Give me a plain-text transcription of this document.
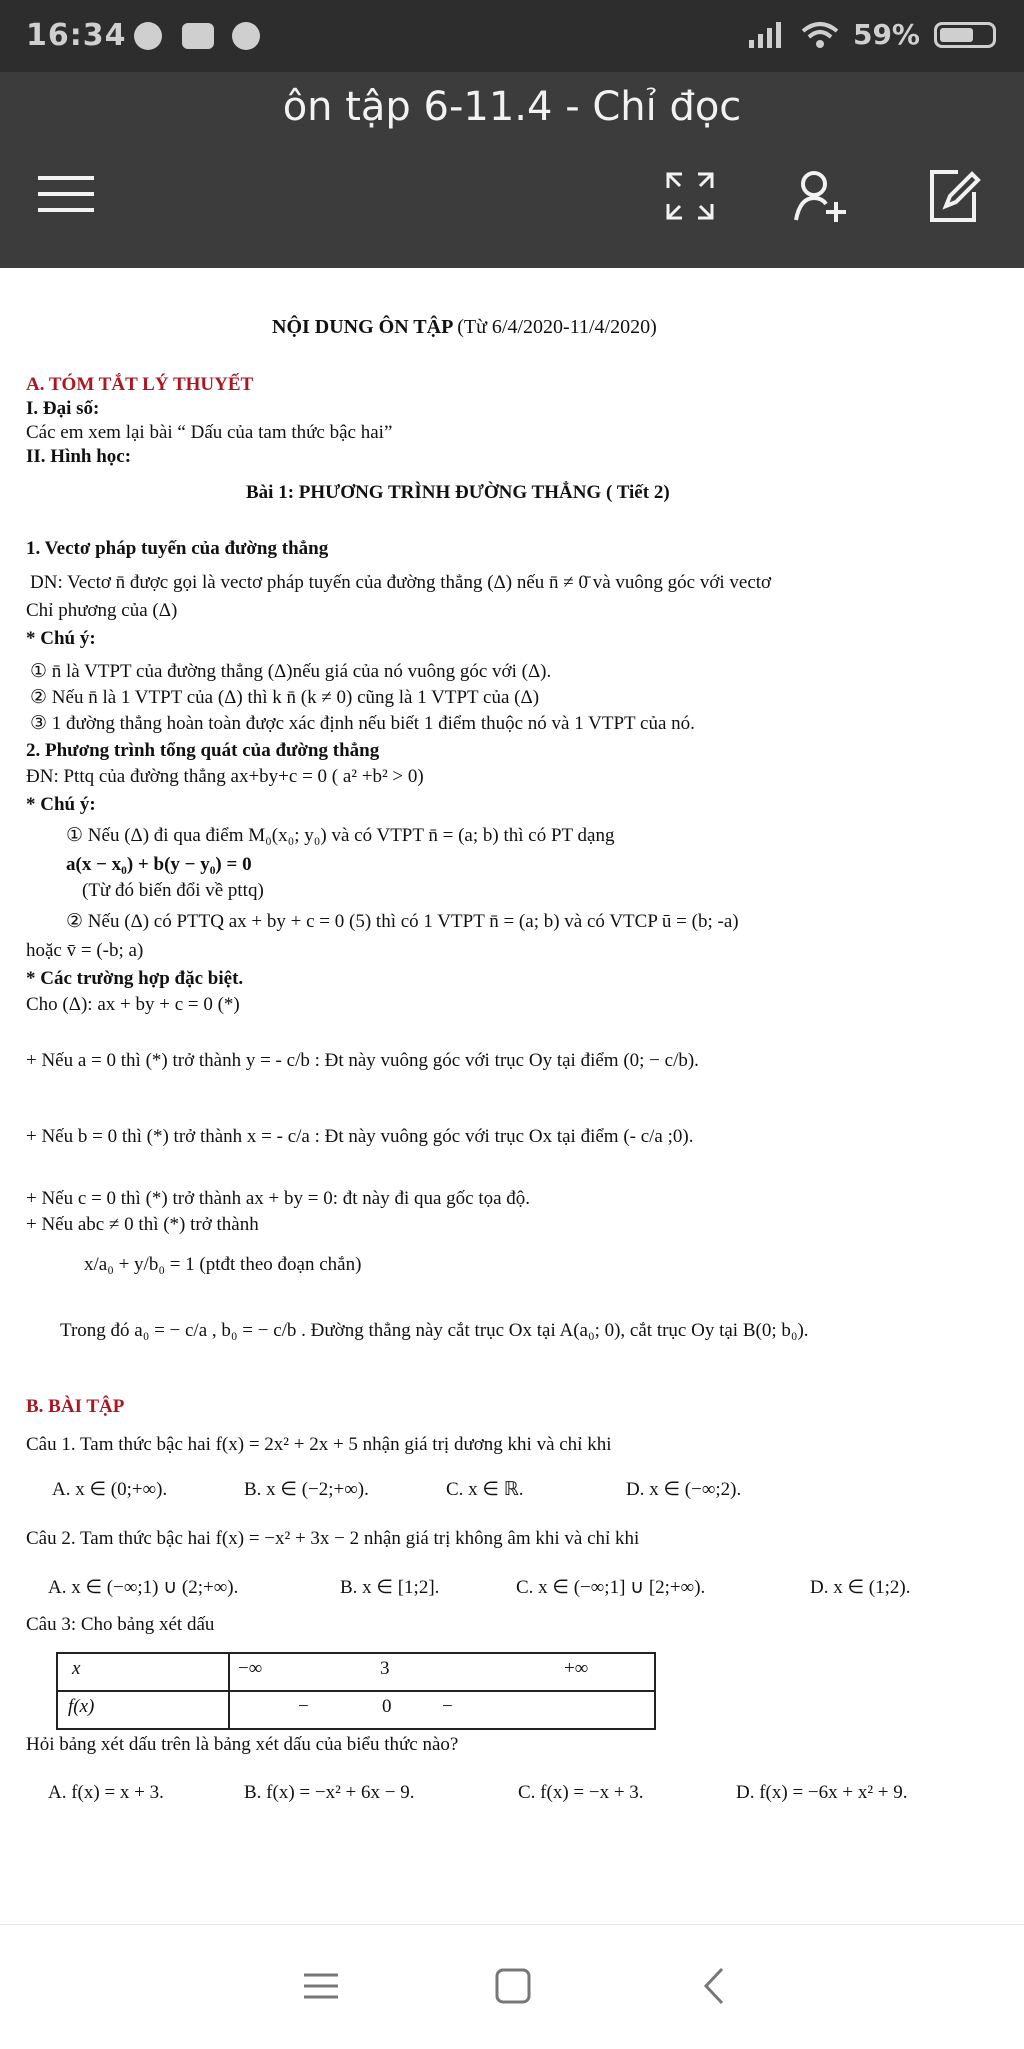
16:34	59%
ôn tập 6-11.4 - Chỉ đọc
NỘI DUNG ÔN TẬP (Từ 6/4/2020-11/4/2020)
A. TÓM TẮT LÝ THUYẾT
I. Đại số:
Các em xem lại bài “ Dấu của tam thức bậc hai”
II. Hình học:
Bài 1: PHƯƠNG TRÌNH ĐƯỜNG THẲNG ( Tiết 2)
1. Vectơ pháp tuyến của đường thẳng
DN: Vectơ n̄ được gọi là vectơ pháp tuyến của đường thẳng (Δ) nếu n̄ ≠ 0̄ và vuông góc với vectơ
Chỉ phương của (Δ)
* Chú ý:
① n̄ là VTPT của đường thẳng (Δ)nếu giá của nó vuông góc với (Δ).
② Nếu n̄ là 1 VTPT của (Δ) thì k n̄ (k ≠ 0) cũng là 1 VTPT của (Δ)
③ 1 đường thẳng hoàn toàn được xác định nếu biết 1 điểm thuộc nó và 1 VTPT của nó.
2. Phương trình tổng quát của đường thẳng
ĐN: Pttq của đường thẳng ax+by+c = 0 ( a² +b² > 0)
* Chú ý:
① Nếu (Δ) đi qua điểm M₀(x₀; y₀) và có VTPT n̄ = (a; b) thì có PT dạng
a(x − x₀) + b(y − y₀) = 0
(Từ đó biến đổi về pttq)
② Nếu (Δ) có PTTQ ax + by + c = 0 (5) thì có 1 VTPT n̄ = (a; b) và có VTCP ū = (b; -a)
hoặc v̄ = (-b; a)
* Các trường hợp đặc biệt.
Cho (Δ): ax + by + c = 0 (*)
+ Nếu a = 0 thì (*) trở thành y = - c/b : Đt này vuông góc với trục Oy tại điểm (0; − c/b).
+ Nếu b = 0 thì (*) trở thành x = - c/a : Đt này vuông góc với trục Ox tại điểm (- c/a ;0).
+ Nếu c = 0 thì (*) trở thành ax + by = 0: đt này đi qua gốc tọa độ.
+ Nếu abc ≠ 0 thì (*) trở thành
x/a₀ + y/b₀ = 1 (ptđt theo đoạn chắn)
Trong đó a₀ = − c/a , b₀ = − c/b . Đường thẳng này cắt trục Ox tại A(a₀; 0), cắt trục Oy tại B(0; b₀).
B. BÀI TẬP
Câu 1. Tam thức bậc hai f(x) = 2x² + 2x + 5 nhận giá trị dương khi và chỉ khi
A. x ∈ (0;+∞).	B. x ∈ (−2;+∞).	C. x ∈ ℝ.	D. x ∈ (−∞;2).
Câu 2. Tam thức bậc hai f(x) = −x² + 3x − 2 nhận giá trị không âm khi và chỉ khi
A. x ∈ (−∞;1) ∪ (2;+∞).	B. x ∈ [1;2].	C. x ∈ (−∞;1] ∪ [2;+∞).	D. x ∈ (1;2).
Câu 3: Cho bảng xét dấu
x	−∞	3	+∞
f(x)	−	0	−
Hỏi bảng xét dấu trên là bảng xét dấu của biểu thức nào?
A. f(x) = x + 3.	B. f(x) = −x² + 6x − 9.	C. f(x) = −x + 3.	D. f(x) = −6x + x² + 9.
